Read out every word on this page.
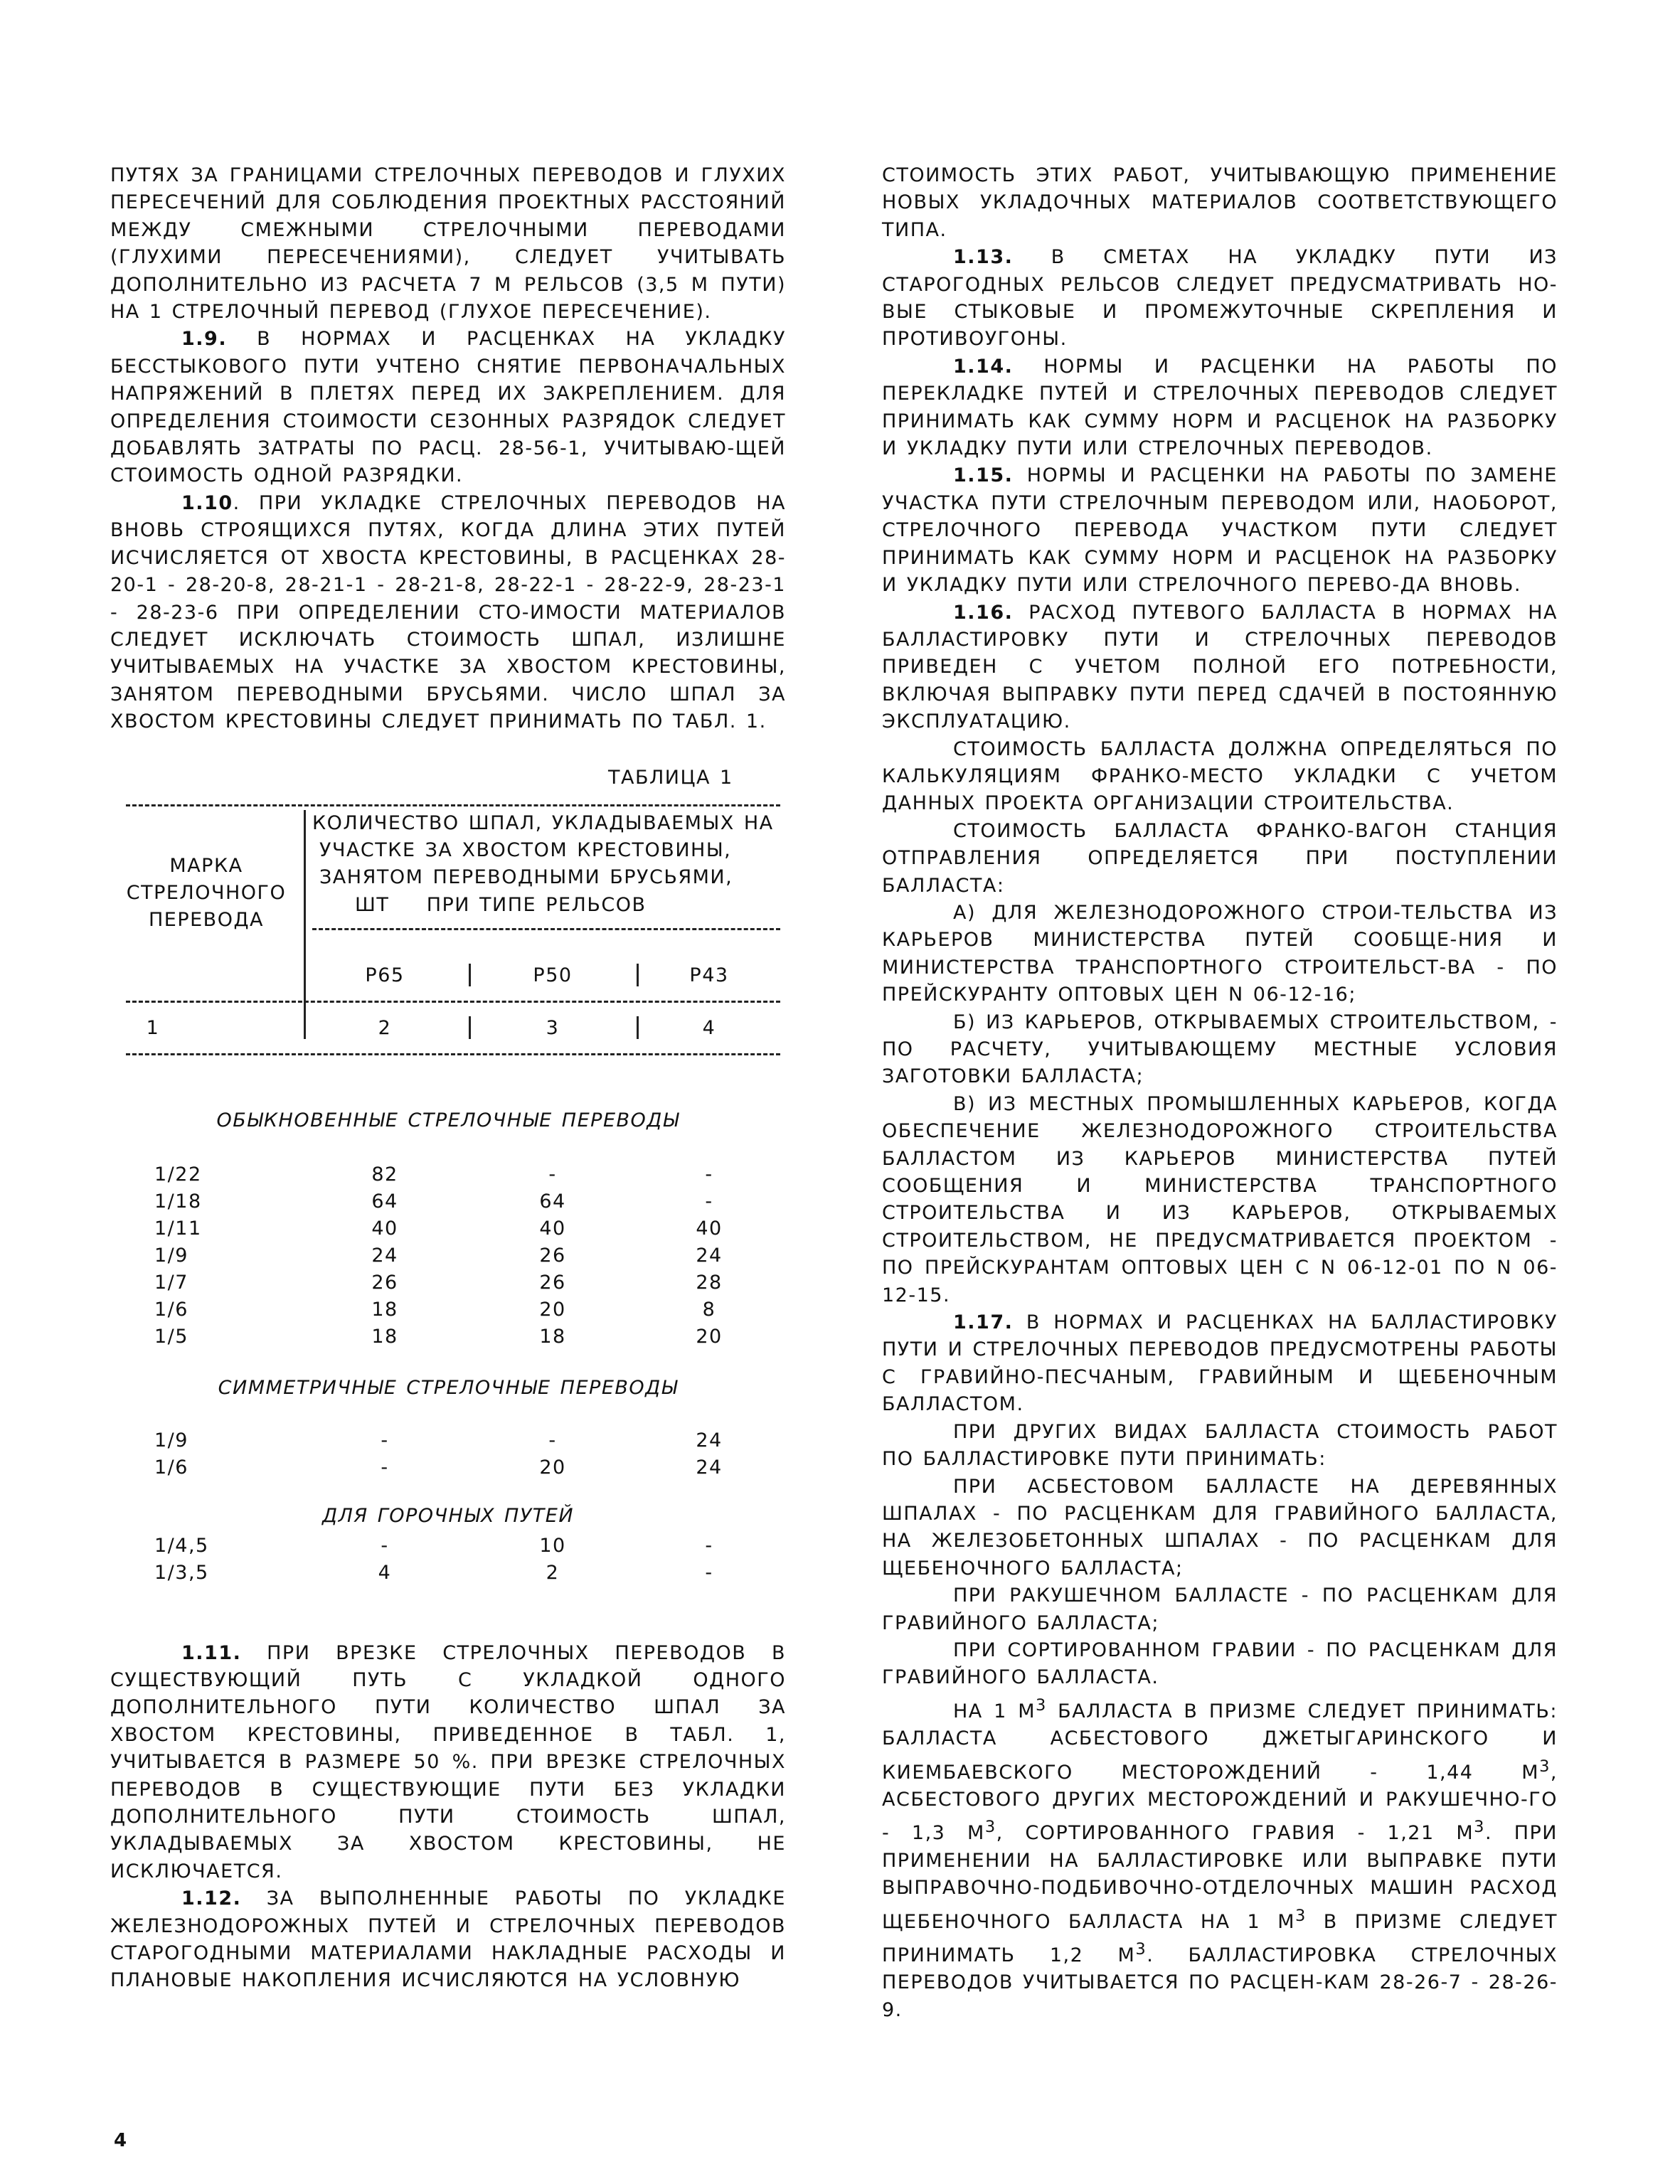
ПУТЯХ ЗА ГРАНИЦАМИ СТРЕЛОЧНЫХ ПЕРЕВОДОВ И ГЛУХИХ ПЕРЕСЕЧЕНИЙ ДЛЯ СОБЛЮДЕНИЯ ПРОЕКТНЫХ РАССТОЯНИЙ МЕЖДУ СМЕЖНЫМИ СТРЕЛОЧНЫМИ ПЕРЕВОДАМИ (ГЛУХИМИ ПЕРЕСЕЧЕНИЯМИ), СЛЕДУЕТ УЧИТЫВАТЬ ДОПОЛНИТЕЛЬНО ИЗ РАСЧЕТА 7 М РЕЛЬСОВ (3,5 М ПУТИ) НА 1 СТРЕЛОЧНЫЙ ПЕРЕВОД (ГЛУХОЕ ПЕРЕСЕЧЕНИЕ).

1.9. В НОРМАХ И РАСЦЕНКАХ НА УКЛАДКУ БЕССТЫКОВОГО ПУТИ УЧТЕНО СНЯТИЕ ПЕРВОНАЧАЛЬНЫХ НАПРЯЖЕНИЙ В ПЛЕТЯХ ПЕРЕД ИХ ЗАКРЕПЛЕНИЕМ. ДЛЯ ОПРЕДЕЛЕНИЯ СТОИМОСТИ СЕЗОННЫХ РАЗРЯДОК СЛЕДУЕТ ДОБАВЛЯТЬ ЗАТРАТЫ ПО РАСЦ. 28-56-1, УЧИТЫВАЮ-ЩЕЙ СТОИМОСТЬ ОДНОЙ РАЗРЯДКИ.

1.10. ПРИ УКЛАДКЕ СТРЕЛОЧНЫХ ПЕРЕВОДОВ НА ВНОВЬ СТРОЯЩИХСЯ ПУТЯХ, КОГДА ДЛИНА ЭТИХ ПУТЕЙ ИСЧИСЛЯЕТСЯ ОТ ХВОСТА КРЕСТОВИНЫ, В РАСЦЕНКАХ 28-20-1 - 28-20-8, 28-21-1 - 28-21-8, 28-22-1 - 28-22-9, 28-23-1 - 28-23-6 ПРИ ОПРЕДЕЛЕНИИ СТО-ИМОСТИ МАТЕРИАЛОВ СЛЕДУЕТ ИСКЛЮЧАТЬ СТОИМОСТЬ ШПАЛ, ИЗЛИШНЕ УЧИТЫВАЕМЫХ НА УЧАСТКЕ ЗА ХВОСТОМ КРЕСТОВИНЫ, ЗАНЯТОМ ПЕРЕВОДНЫМИ БРУСЬЯМИ. ЧИСЛО ШПАЛ ЗА ХВОСТОМ КРЕСТОВИНЫ СЛЕДУЕТ ПРИНИМАТЬ ПО ТАБЛ. 1.

ТАБЛИЦА 1
МАРКА
СТРЕЛОЧНОГО
ПЕРЕВОДА
КОЛИЧЕСТВО ШПАЛ, УКЛАДЫВАЕМЫХ НА
УЧАСТКЕ ЗА ХВОСТОМ КРЕСТОВИНЫ,
ЗАНЯТОМ ПЕРЕВОДНЫМИ БРУСЬЯМИ,
ШТ    ПРИ ТИПЕ РЕЛЬСОВ
Р65	Р50	Р43
1	2	3	4
ОБЫКНОВЕННЫЕ СТРЕЛОЧНЫЕ ПЕРЕВОДЫ
1/22	82	-	-
1/18	64	64	-
1/11	40	40	40
1/9	24	26	24
1/7	26	26	28
1/6	18	20	8
1/5	18	18	20
СИММЕТРИЧНЫЕ СТРЕЛОЧНЫЕ ПЕРЕВОДЫ
1/9	-	-	24
1/6	-	20	24
ДЛЯ ГОРОЧНЫХ ПУТЕЙ
1/4,5	-	10	-
1/3,5	4	2	-

1.11. ПРИ ВРЕЗКЕ СТРЕЛОЧНЫХ ПЕРЕВОДОВ В СУЩЕСТВУЮЩИЙ ПУТЬ С УКЛАДКОЙ ОДНОГО ДОПОЛНИТЕЛЬНОГО ПУТИ КОЛИЧЕСТВО ШПАЛ ЗА ХВОСТОМ КРЕСТОВИНЫ, ПРИВЕДЕННОЕ В ТАБЛ. 1, УЧИТЫВАЕТСЯ В РАЗМЕРЕ 50 %. ПРИ ВРЕЗКЕ СТРЕЛОЧНЫХ ПЕРЕВОДОВ В СУЩЕСТВУЮЩИЕ ПУТИ БЕЗ УКЛАДКИ ДОПОЛНИТЕЛЬНОГО ПУТИ СТОИМОСТЬ ШПАЛ, УКЛАДЫВАЕМЫХ ЗА ХВОСТОМ КРЕСТОВИНЫ, НЕ ИСКЛЮЧАЕТСЯ.

1.12. ЗА ВЫПОЛНЕННЫЕ РАБОТЫ ПО УКЛАДКЕ ЖЕЛЕЗНОДОРОЖНЫХ ПУТЕЙ И СТРЕЛОЧНЫХ ПЕРЕВОДОВ СТАРОГОДНЫМИ МАТЕРИАЛАМИ НАКЛАДНЫЕ РАСХОДЫ И ПЛАНОВЫЕ НАКОПЛЕНИЯ ИСЧИСЛЯЮТСЯ НА УСЛОВНУЮ

СТОИМОСТЬ ЭТИХ РАБОТ, УЧИТЫВАЮЩУЮ ПРИМЕНЕНИЕ НОВЫХ УКЛАДОЧНЫХ МАТЕРИАЛОВ СООТВЕТСТВУЮЩЕГО ТИПА.

1.13. В СМЕТАХ НА УКЛАДКУ ПУТИ ИЗ СТАРОГОДНЫХ РЕЛЬСОВ СЛЕДУЕТ ПРЕДУСМАТРИВАТЬ НО-ВЫЕ СТЫКОВЫЕ И ПРОМЕЖУТОЧНЫЕ СКРЕПЛЕНИЯ И ПРОТИВОУГОНЫ.

1.14. НОРМЫ И РАСЦЕНКИ НА РАБОТЫ ПО ПЕРЕКЛАДКЕ ПУТЕЙ И СТРЕЛОЧНЫХ ПЕРЕВОДОВ СЛЕДУЕТ ПРИНИМАТЬ КАК СУММУ НОРМ И РАСЦЕНОК НА РАЗБОРКУ И УКЛАДКУ ПУТИ ИЛИ СТРЕЛОЧНЫХ ПЕРЕВОДОВ.

1.15. НОРМЫ И РАСЦЕНКИ НА РАБОТЫ ПО ЗАМЕНЕ УЧАСТКА ПУТИ СТРЕЛОЧНЫМ ПЕРЕВОДОМ ИЛИ, НАОБОРОТ, СТРЕЛОЧНОГО ПЕРЕВОДА УЧАСТКОМ ПУТИ СЛЕДУЕТ ПРИНИМАТЬ КАК СУММУ НОРМ И РАСЦЕНОК НА РАЗБОРКУ И УКЛАДКУ ПУТИ ИЛИ СТРЕЛОЧНОГО ПЕРЕВО-ДА ВНОВЬ.

1.16. РАСХОД ПУТЕВОГО БАЛЛАСТА В НОРМАХ НА БАЛЛАСТИРОВКУ ПУТИ И СТРЕЛОЧНЫХ ПЕРЕВОДОВ ПРИВЕДЕН С УЧЕТОМ ПОЛНОЙ ЕГО ПОТРЕБНОСТИ, ВКЛЮЧАЯ ВЫПРАВКУ ПУТИ ПЕРЕД СДАЧЕЙ В ПОСТОЯННУЮ ЭКСПЛУАТАЦИЮ.

СТОИМОСТЬ БАЛЛАСТА ДОЛЖНА ОПРЕДЕЛЯТЬСЯ ПО КАЛЬКУЛЯЦИЯМ ФРАНКО-МЕСТО УКЛАДКИ С УЧЕТОМ ДАННЫХ ПРОЕКТА ОРГАНИЗАЦИИ СТРОИТЕЛЬСТВА.

СТОИМОСТЬ БАЛЛАСТА ФРАНКО-ВАГОН СТАНЦИЯ ОТПРАВЛЕНИЯ ОПРЕДЕЛЯЕТСЯ ПРИ ПОСТУПЛЕНИИ БАЛЛАСТА:

А) ДЛЯ ЖЕЛЕЗНОДОРОЖНОГО СТРОИ-ТЕЛЬСТВА ИЗ КАРЬЕРОВ МИНИСТЕРСТВА ПУТЕЙ СООБЩЕ-НИЯ И МИНИСТЕРСТВА ТРАНСПОРТНОГО СТРОИТЕЛЬСТ-ВА - ПО ПРЕЙСКУРАНТУ ОПТОВЫХ ЦЕН N 06-12-16;

Б) ИЗ КАРЬЕРОВ, ОТКРЫВАЕМЫХ СТРОИТЕЛЬСТВОМ, - ПО РАСЧЕТУ, УЧИТЫВАЮЩЕМУ МЕСТНЫЕ УСЛОВИЯ ЗАГОТОВКИ БАЛЛАСТА;

В) ИЗ МЕСТНЫХ ПРОМЫШЛЕННЫХ КАРЬЕРОВ, КОГДА ОБЕСПЕЧЕНИЕ ЖЕЛЕЗНОДОРОЖНОГО СТРОИТЕЛЬСТВА БАЛЛАСТОМ ИЗ КАРЬЕРОВ МИНИСТЕРСТВА ПУТЕЙ СООБЩЕНИЯ И МИНИСТЕРСТВА ТРАНСПОРТНОГО СТРОИТЕЛЬСТВА И ИЗ КАРЬЕРОВ, ОТКРЫВАЕМЫХ СТРОИТЕЛЬСТВОМ, НЕ ПРЕДУСМАТРИВАЕТСЯ ПРОЕКТОМ - ПО ПРЕЙСКУРАНТАМ ОПТОВЫХ ЦЕН С N 06-12-01 ПО N 06-12-15.

1.17. В НОРМАХ И РАСЦЕНКАХ НА БАЛЛАСТИРОВКУ ПУТИ И СТРЕЛОЧНЫХ ПЕРЕВОДОВ ПРЕДУСМОТРЕНЫ РАБОТЫ С ГРАВИЙНО-ПЕСЧАНЫМ, ГРАВИЙНЫМ И ЩЕБЕНОЧНЫМ БАЛЛАСТОМ.

ПРИ ДРУГИХ ВИДАХ БАЛЛАСТА СТОИМОСТЬ РАБОТ ПО БАЛЛАСТИРОВКЕ ПУТИ ПРИНИМАТЬ:

ПРИ АСБЕСТОВОМ БАЛЛАСТЕ НА ДЕРЕВЯННЫХ ШПАЛАХ - ПО РАСЦЕНКАМ ДЛЯ ГРАВИЙНОГО БАЛЛАСТА, НА ЖЕЛЕЗОБЕТОННЫХ ШПАЛАХ - ПО РАСЦЕНКАМ ДЛЯ ЩЕБЕНОЧНОГО БАЛЛАСТА;

ПРИ РАКУШЕЧНОМ БАЛЛАСТЕ - ПО РАСЦЕНКАМ ДЛЯ ГРАВИЙНОГО БАЛЛАСТА;

ПРИ СОРТИРОВАННОМ ГРАВИИ - ПО РАСЦЕНКАМ ДЛЯ ГРАВИЙНОГО БАЛЛАСТА.

НА 1 $М^3$ БАЛЛАСТА В ПРИЗМЕ СЛЕДУЕТ ПРИНИМАТЬ: БАЛЛАСТА АСБЕСТОВОГО ДЖЕТЫГАРИНСКОГО И КИЕМБАЕВСКОГО МЕСТОРОЖДЕНИЙ - 1,44 $М^3$, АСБЕСТОВОГО ДРУГИХ МЕСТОРОЖДЕНИЙ И РАКУШЕЧНО-ГО - 1,3 $М^3$, СОРТИРОВАННОГО ГРАВИЯ - 1,21 $М^3$. ПРИ ПРИМЕНЕНИИ НА БАЛЛАСТИРОВКЕ ИЛИ ВЫПРАВКЕ ПУТИ ВЫПРАВОЧНО-ПОДБИВОЧНО-ОТДЕЛОЧНЫХ МАШИН РАСХОД ЩЕБЕНОЧНОГО БАЛЛАСТА НА 1 $М^3$ В ПРИЗМЕ СЛЕДУЕТ ПРИНИМАТЬ 1,2 $М^3$. БАЛЛАСТИРОВКА СТРЕЛОЧНЫХ ПЕРЕВОДОВ УЧИТЫВАЕТСЯ ПО РАСЦЕН-КАМ 28-26-7 - 28-26-9.

4
